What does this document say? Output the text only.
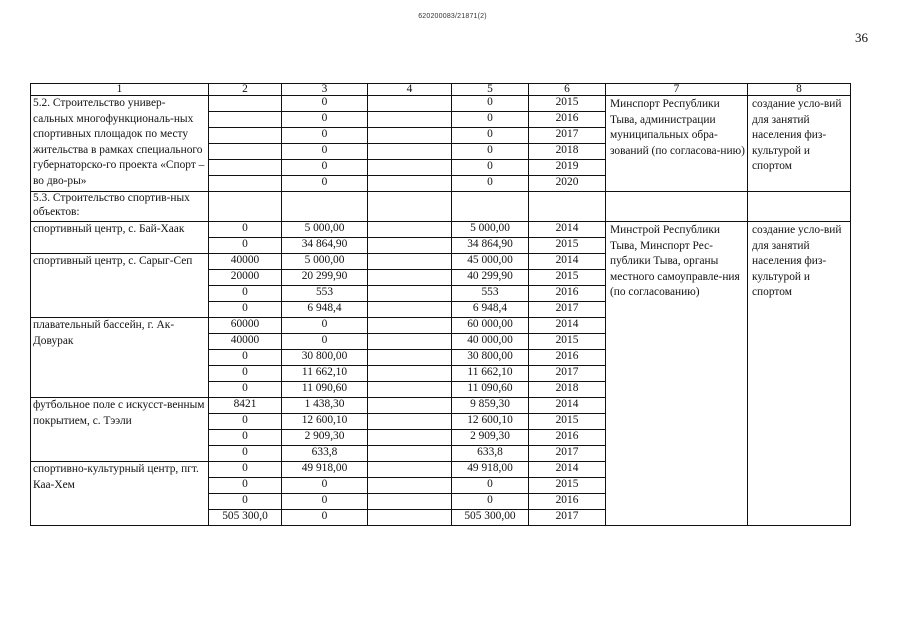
620200083/21871(2)
36
1	2	3	4	5	6	7	8
5.2. Строительство универ-сальных многофункциональ-ных спортивных площадок по месту жительства в рамках специального губернаторско-го проекта «Спорт – во дво-ры»		0		0	2015	Минспорт Республики Тыва, администрации муниципальных обра-зований (по согласова-нию)	создание усло-вий для занятий населения физ-культурой и спортом
		0		0	2016		
		0		0	2017		
		0		0	2018		
		0		0	2019		
		0		0	2020		
5.3. Строительство спортив-ных объектов:							
спортивный центр, с. Бай-Хаак	0	5 000,00		5 000,00	2014	Минстрой Республики Тыва, Минспорт Рес-публики Тыва, органы местного самоуправле-ния (по согласованию)	создание усло-вий для занятий населения физ-культурой и спортом
	0	34 864,90		34 864,90	2015		
спортивный центр, с. Сарыг-Сеп	40000	5 000,00		45 000,00	2014		
	20000	20 299,90		40 299,90	2015		
	0	553		553	2016		
	0	6 948,4		6 948,4	2017		
плавательный бассейн, г. Ак-Довурак	60000	0		60 000,00	2014		
	40000	0		40 000,00	2015		
	0	30 800,00		30 800,00	2016		
	0	11 662,10		11 662,10	2017		
	0	11 090,60		11 090,60	2018		
футбольное поле с искусст-венным покрытием, с. Тээли	8421	1 438,30		9 859,30	2014		
	0	12 600,10		12 600,10	2015		
	0	2 909,30		2 909,30	2016		
	0	633,8		633,8	2017		
спортивно-культурный центр, пгт. Каа-Хем	0	49 918,00		49 918,00	2014		
	0	0		0	2015		
	0	0		0	2016		
	505 300,0	0		505 300,00	2017		
